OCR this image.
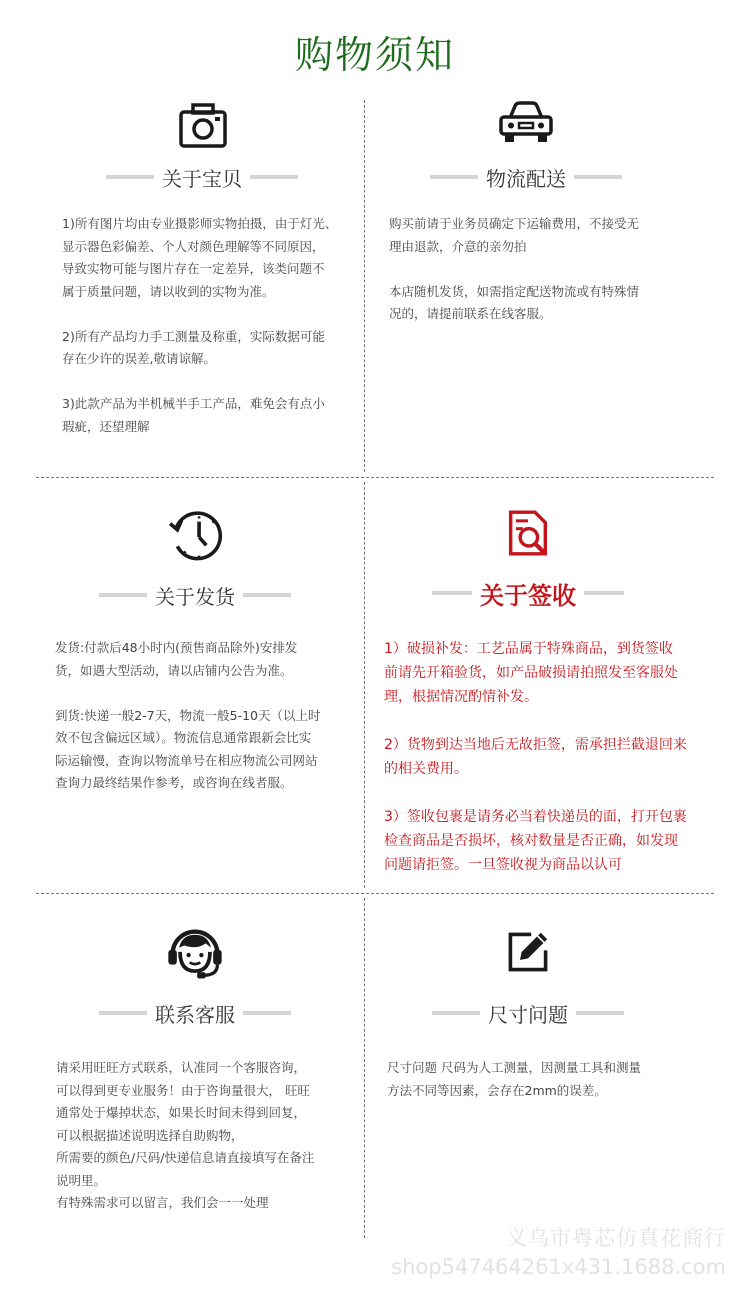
购物须知
关于宝贝

1)所有图片均由专业摄影师实物拍摄，由于灯光、

显示器色彩偏差、个人对颜色理解等不同原因，

导致实物可能与图片存在一定差异，该类问题不

属于质量问题，请以收到的实物为准。

2)所有产品均力手工测量及称重，实际数据可能

存在少许的误差,敬请谅解。

3)此款产品为半机械半手工产品，难免会有点小

瑕疵，还望理解

物流配送

购买前请于业务员确定下运输费用，不接受无

理由退款，介意的亲勿拍

本店随机发货，如需指定配送物流或有特殊情

况的，请提前联系在线客服。

关于发货

发货:付款后48小时内(预售商品除外)安排发

货，如遇大型活动，请以店铺内公告为准。

到货:快递一般2-7天，物流一般5-10天（以上时

效不包含偏远区域）。物流信息通常跟新会比实

际运输慢，查询以物流单号在相应物流公司网站

查询力最终结果作参考，或咨询在线者服。

关于签收

1）破损补发：工艺品属于特殊商品，到货签收

前请先开箱验货，如产品破损请拍照发至客服处

理，根据情况酌情补发。

2）货物到达当地后无故拒签，需承担拦截退回来

的相关费用。

3）签收包裹是请务必当着快递员的面，打开包裹

检查商品是否损坏，核对数量是否正确，如发现

问题请拒签。一旦签收视为商品以认可

联系客服

请采用旺旺方式联系，认准同一个客服咨询，

可以得到更专业服务！由于咨询量很大， 旺旺

通常处于爆掉状态，如果长时间未得到回复，

可以根据描述说明选择自助购物，

所需要的颜色/尺码/快递信息请直接填写在备注

说明里。

有特殊需求可以留言，我们会一一处理

尺寸问题

尺寸问题 尺码为人工测量，因测量工具和测量

方法不同等因素，会存在2mm的误差。

义乌市粤芯仿真花商行
shop547464261x431.1688.com
